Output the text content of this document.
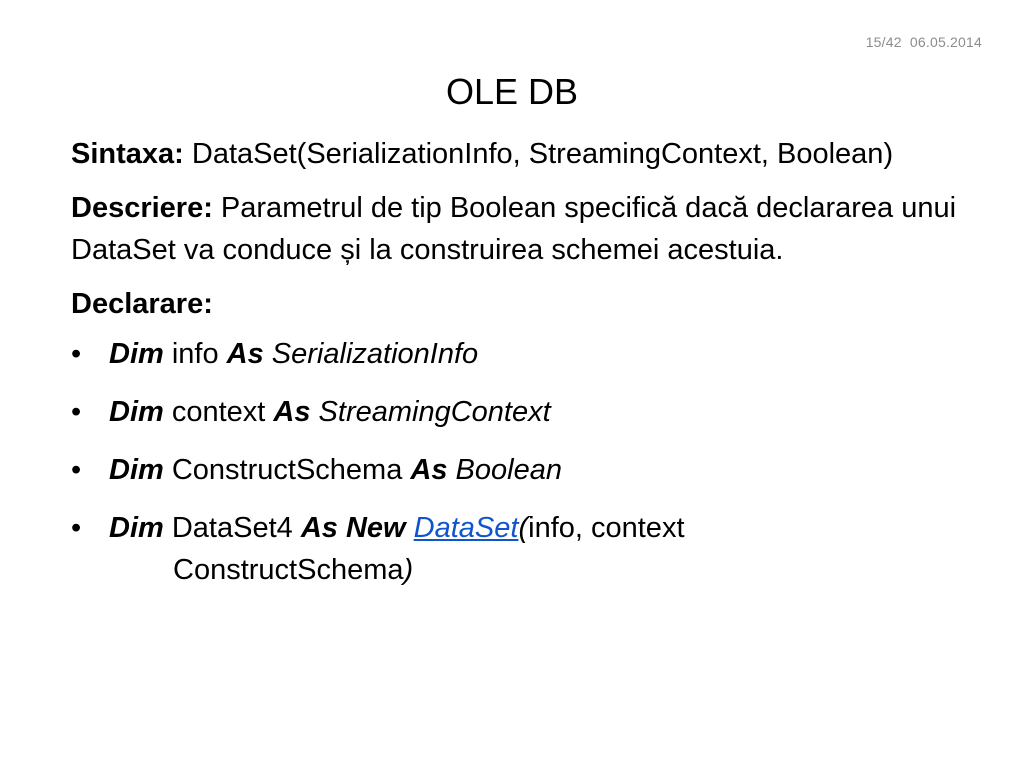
15/42 06.05.2014
OLE DB

Sintaxa: DataSet(SerializationInfo, StreamingContext, Boolean)

Descriere: Parametrul de tip Boolean specifică dacă declararea unui DataSet va conduce și la construirea schemei acestuia.

Declarare:

• Dim info As SerializationInfo
• Dim context As StreamingContext
• Dim ConstructSchema As Boolean
• Dim DataSet4 As New DataSet(info, context
ConstructSchema)
